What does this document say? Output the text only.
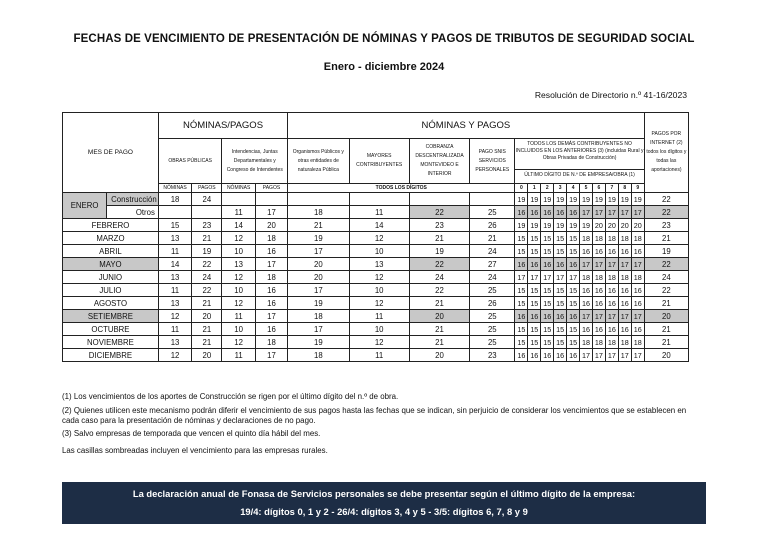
FECHAS DE VENCIMIENTO DE PRESENTACIÓN DE NÓMINAS Y PAGOS DE TRIBUTOS DE SEGURIDAD SOCIAL
Enero - diciembre 2024
Resolución de Directorio n.º 41-16/2023
MES DE PAGO		NÓMINAS/PAGOS				NÓMINAS Y PAGOS														PAGOS POR INTERNET (2) todos los dígitos y todas las aportaciones)
		OBRAS PÚBLICAS		Intendencias, Juntas Departamentales y Congreso de Intendentes		Organismos Públicos y otras entidades de naturaleza Pública	MAYORES CONTRIBUYENTES	COBRANZA DESCENTRALIZADA MONTEVIDEO E INTERIOR	PAGO SNIS SERVICIOS PERSONALES	TODOS LOS DEMÁS CONTRIBUYENTES NO INCLUIDOS EN LOS ANTERIORES (3) (incluidas Rural y Obras Privadas de Construcción)
ÚLTIMO DÍGITO DE N.º DE EMPRESA/OBRA (1)										

		NÓMINAS	PAGOS	NÓMINAS	PAGOS	TODOS LOS DÍGITOS				0	1	2	3	4	5	6	7	8	9	
ENERO	Construcción	18	24							19	19	19	19	19	19	19	19	19	19	22
	Otros			11	17	18	11	22	25	16	16	16	16	16	17	17	17	17	17	22
FEBRERO		15	23	14	20	21	14	23	26	19	19	19	19	19	19	20	20	20	20	23
MARZO		13	21	12	18	19	12	21	21	15	15	15	15	15	18	18	18	18	18	21
ABRIL		11	19	10	16	17	10	19	24	15	15	15	15	15	16	16	16	16	16	19
MAYO		14	22	13	17	20	13	22	27	16	16	16	16	16	17	17	17	17	17	22
JUNIO		13	24	12	18	20	12	24	24	17	17	17	17	17	18	18	18	18	18	24
JULIO		11	22	10	16	17	10	22	25	15	15	15	15	15	16	16	16	16	16	22
AGOSTO		13	21	12	16	19	12	21	26	15	15	15	15	15	16	16	16	16	16	21
SETIEMBRE		12	20	11	17	18	11	20	25	16	16	16	16	16	17	17	17	17	17	20
OCTUBRE		11	21	10	16	17	10	21	25	15	15	15	15	15	16	16	16	16	16	21
NOVIEMBRE		13	21	12	18	19	12	21	25	15	15	15	15	15	18	18	18	18	18	21
DICIEMBRE		12	20	11	17	18	11	20	23	16	16	16	16	16	17	17	17	17	17	20

(1) Los vencimientos de los aportes de Construcción se rigen por el último dígito del n.º de obra.

(2) Quienes utilicen este mecanismo podrán diferir el vencimiento de sus pagos hasta las fechas que se indican, sin perjuicio de considerar los vencimientos que se establecen en cada caso para la presentación de nóminas y declaraciones de no pago.

(3) Salvo empresas de temporada que vencen el quinto día hábil del mes.

Las casillas sombreadas incluyen el vencimiento para las empresas rurales.

La declaración anual de Fonasa de Servicios personales se debe presentar según el último dígito de la empresa:
19/4: dígitos 0, 1 y 2 - 26/4: dígitos 3, 4 y 5 - 3/5: dígitos 6, 7, 8 y 9
